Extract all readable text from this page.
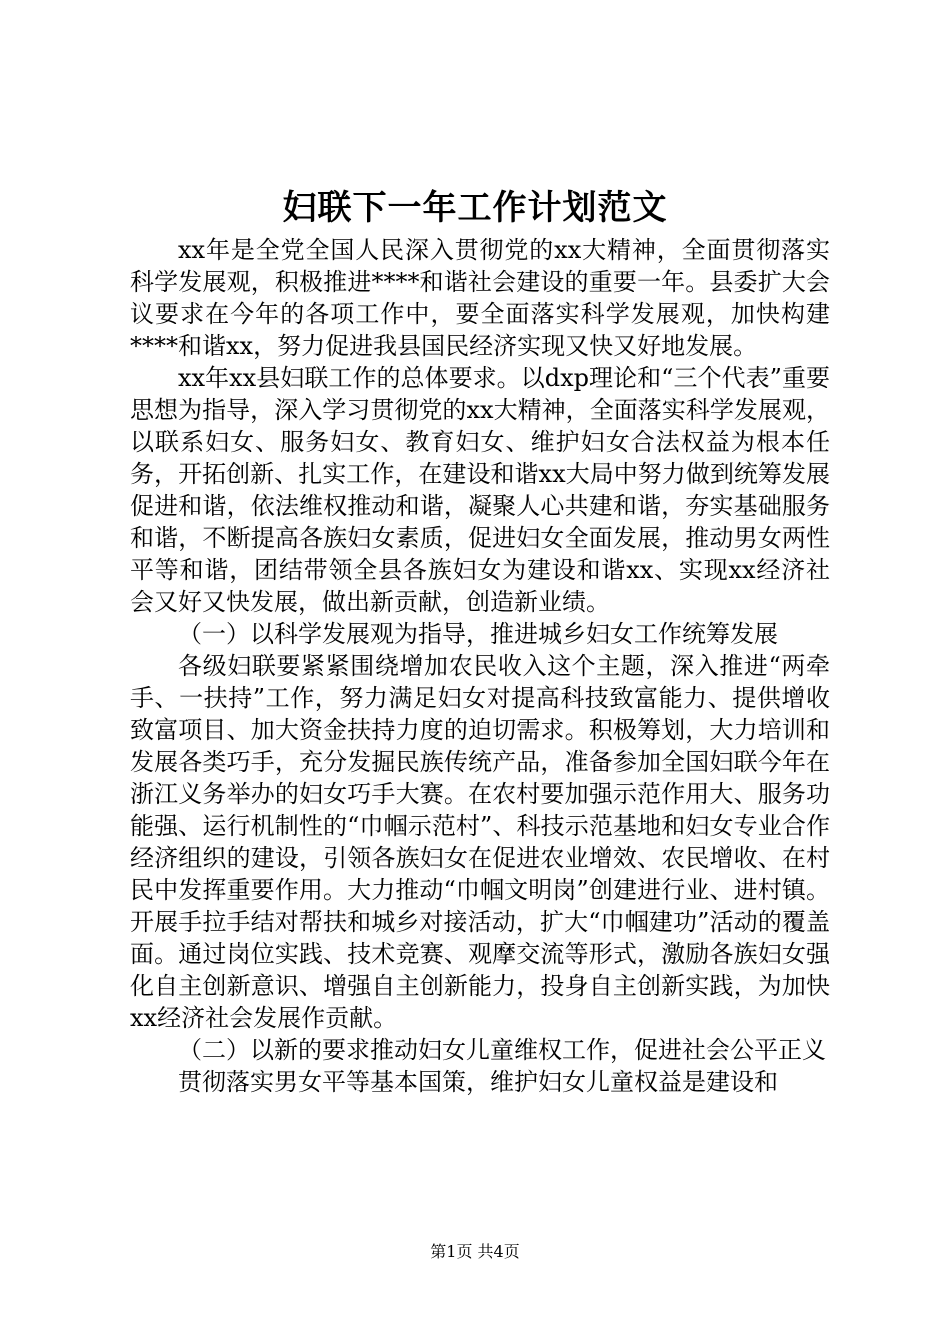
妇联下一年工作计划范文

xx年是全党全国人民深入贯彻党的xx大精神，全面贯彻落实科学发展观，积极推进****和谐社会建设的重要一年。县委扩大会议要求在今年的各项工作中，要全面落实科学发展观，加快构建****和谐xx，努力促进我县国民经济实现又快又好地发展。

xx年xx县妇联工作的总体要求。以dxp理论和“三个代表”重要思想为指导，深入学习贯彻党的xx大精神，全面落实科学发展观，以联系妇女、服务妇女、教育妇女、维护妇女合法权益为根本任务，开拓创新、扎实工作，在建设和谐xx大局中努力做到统筹发展促进和谐，依法维权推动和谐，凝聚人心共建和谐，夯实基础服务和谐，不断提高各族妇女素质，促进妇女全面发展，推动男女两性平等和谐，团结带领全县各族妇女为建设和谐xx、实现xx经济社会又好又快发展，做出新贡献，创造新业绩。

（一）以科学发展观为指导，推进城乡妇女工作统筹发展

各级妇联要紧紧围绕增加农民收入这个主题，深入推进“两牵手、一扶持”工作，努力满足妇女对提高科技致富能力、提供增收致富项目、加大资金扶持力度的迫切需求。积极筹划，大力培训和发展各类巧手，充分发掘民族传统产品，准备参加全国妇联今年在浙江义务举办的妇女巧手大赛。在农村要加强示范作用大、服务功能强、运行机制性的“巾帼示范村”、科技示范基地和妇女专业合作经济组织的建设，引领各族妇女在促进农业增效、农民增收、在村民中发挥重要作用。大力推动“巾帼文明岗”创建进行业、进村镇。开展手拉手结对帮扶和城乡对接活动，扩大“巾帼建功”活动的覆盖面。通过岗位实践、技术竞赛、观摩交流等形式，激励各族妇女强化自主创新意识、增强自主创新能力，投身自主创新实践，为加快xx经济社会发展作贡献。

（二）以新的要求推动妇女儿童维权工作，促进社会公平正义

贯彻落实男女平等基本国策，维护妇女儿童权益是建设和

第1页 共4页
